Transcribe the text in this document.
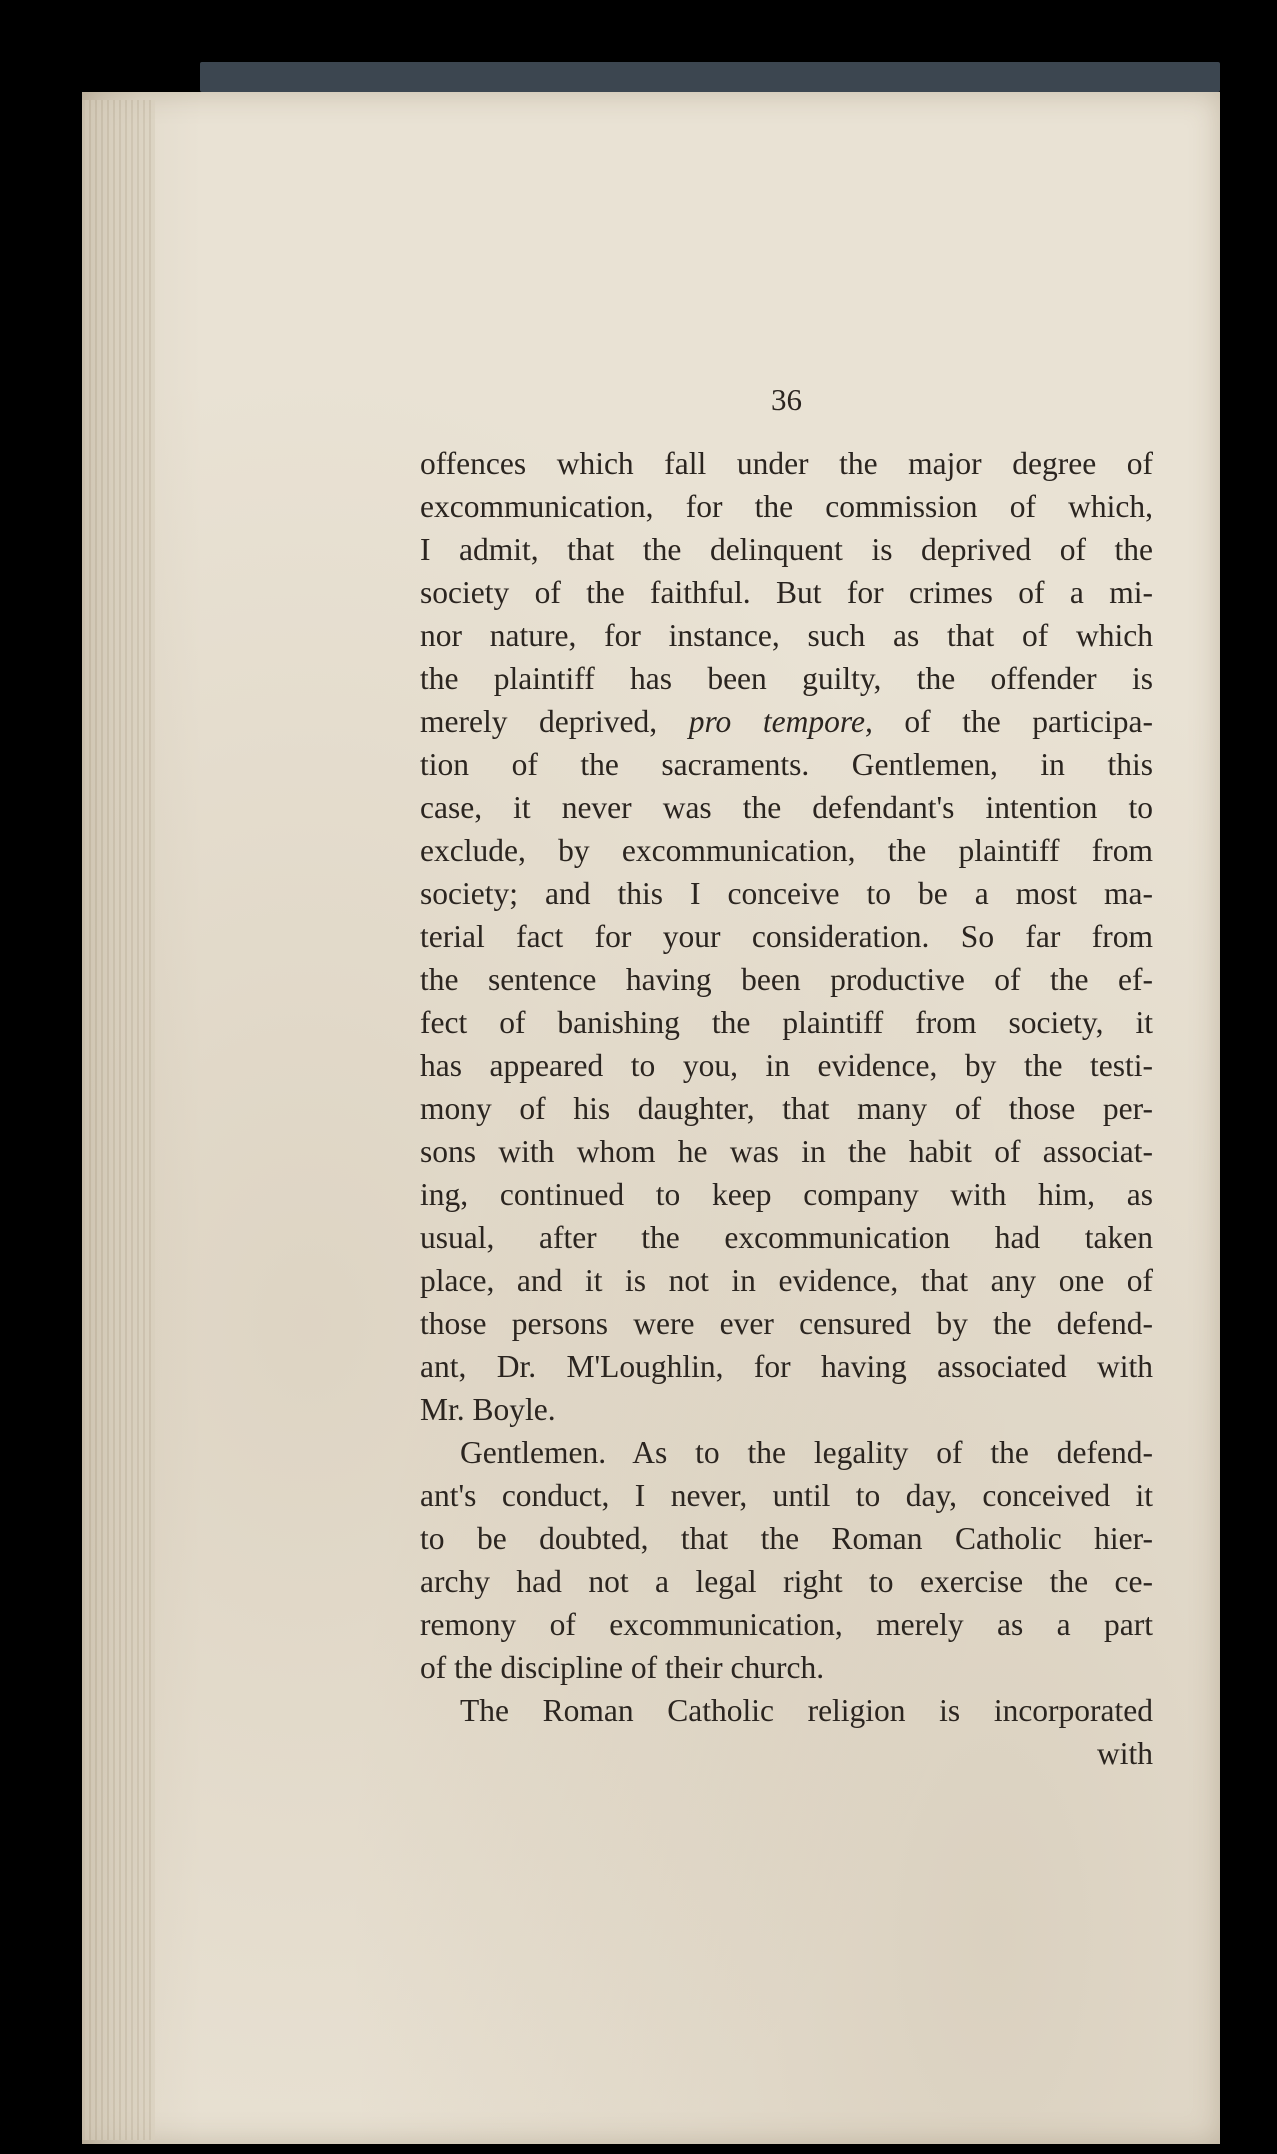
36
offences which fall under the major degree of
excommunication, for the commission of which,
I admit, that the delinquent is deprived of the
society of the faithful. But for crimes of a mi-
nor nature, for instance, such as that of which
the plaintiff has been guilty, the offender is
merely deprived, pro tempore, of the participa-
tion of the sacraments. Gentlemen, in this
case, it never was the defendant's intention to
exclude, by excommunication, the plaintiff from
society; and this I conceive to be a most ma-
terial fact for your consideration. So far from
the sentence having been productive of the ef-
fect of banishing the plaintiff from society, it
has appeared to you, in evidence, by the testi-
mony of his daughter, that many of those per-
sons with whom he was in the habit of associat-
ing, continued to keep company with him, as
usual, after the excommunication had taken
place, and it is not in evidence, that any one of
those persons were ever censured by the defend-
ant, Dr. M'Loughlin, for having associated with
Mr. Boyle.
Gentlemen. As to the legality of the defend-
ant's conduct, I never, until to day, conceived it
to be doubted, that the Roman Catholic hier-
archy had not a legal right to exercise the ce-
remony of excommunication, merely as a part
of the discipline of their church.
The Roman Catholic religion is incorporated
with
